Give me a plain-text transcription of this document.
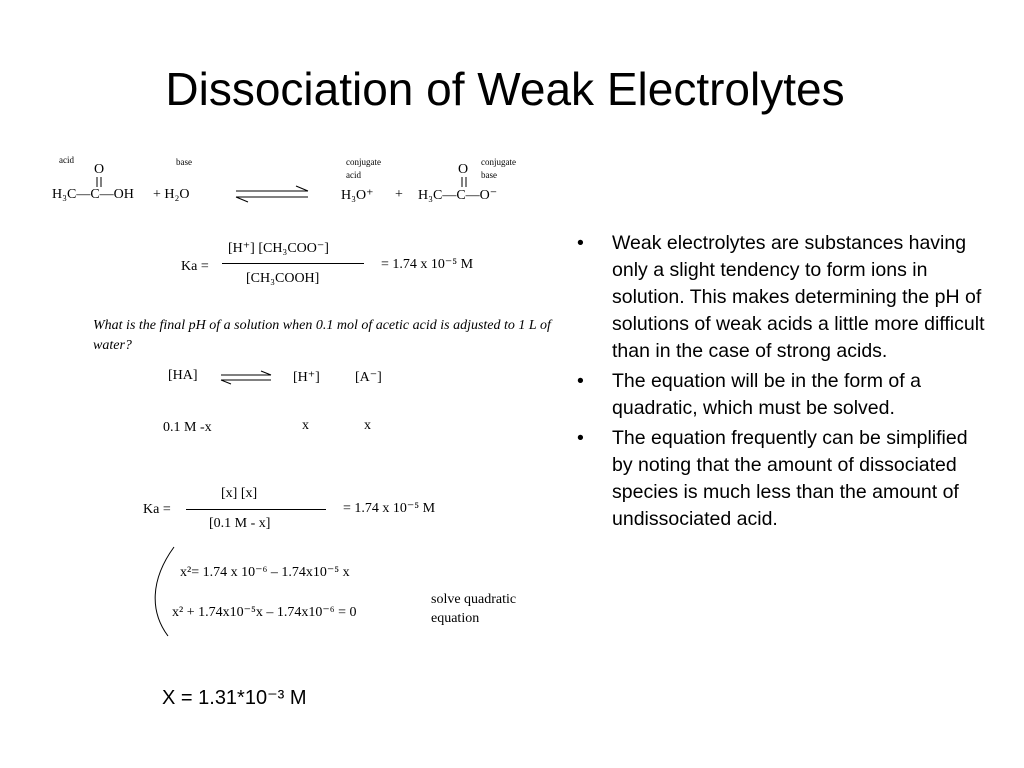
Dissociation of Weak Electrolytes
acid	base	conjugate
acid
conjugate
base
O	O
H₃C—C—OH + H₂O	H₃O⁺ + H₃C—C—O⁻
Ka =
[H⁺] [CH₃COO⁻]
[CH₃COOH]
= 1.74 x 10⁻⁵ M
What is the final pH of a solution when 0.1 mol of acetic acid is adjusted to 1 L of water?
[HA]	[H⁺]	[A⁻]
0.1 M -x	x	x
Ka =
[x] [x]
[0.1 M - x]
= 1.74 x 10⁻⁵ M
x²= 1.74 x 10⁻⁶ – 1.74x10⁻⁵ x
x² + 1.74x10⁻⁵x – 1.74x10⁻⁶ = 0
solve quadratic
equation
X = 1.31*10⁻³ M
• Weak electrolytes are substances having only a slight tendency to form ions in solution. This makes determining the pH of solutions of weak acids a little more difficult than in the case of strong acids.
• The equation will be in the form of a quadratic, which must be solved.
• The equation frequently can be simplified by noting that the amount of dissociated species is much less than the amount of undissociated acid.
